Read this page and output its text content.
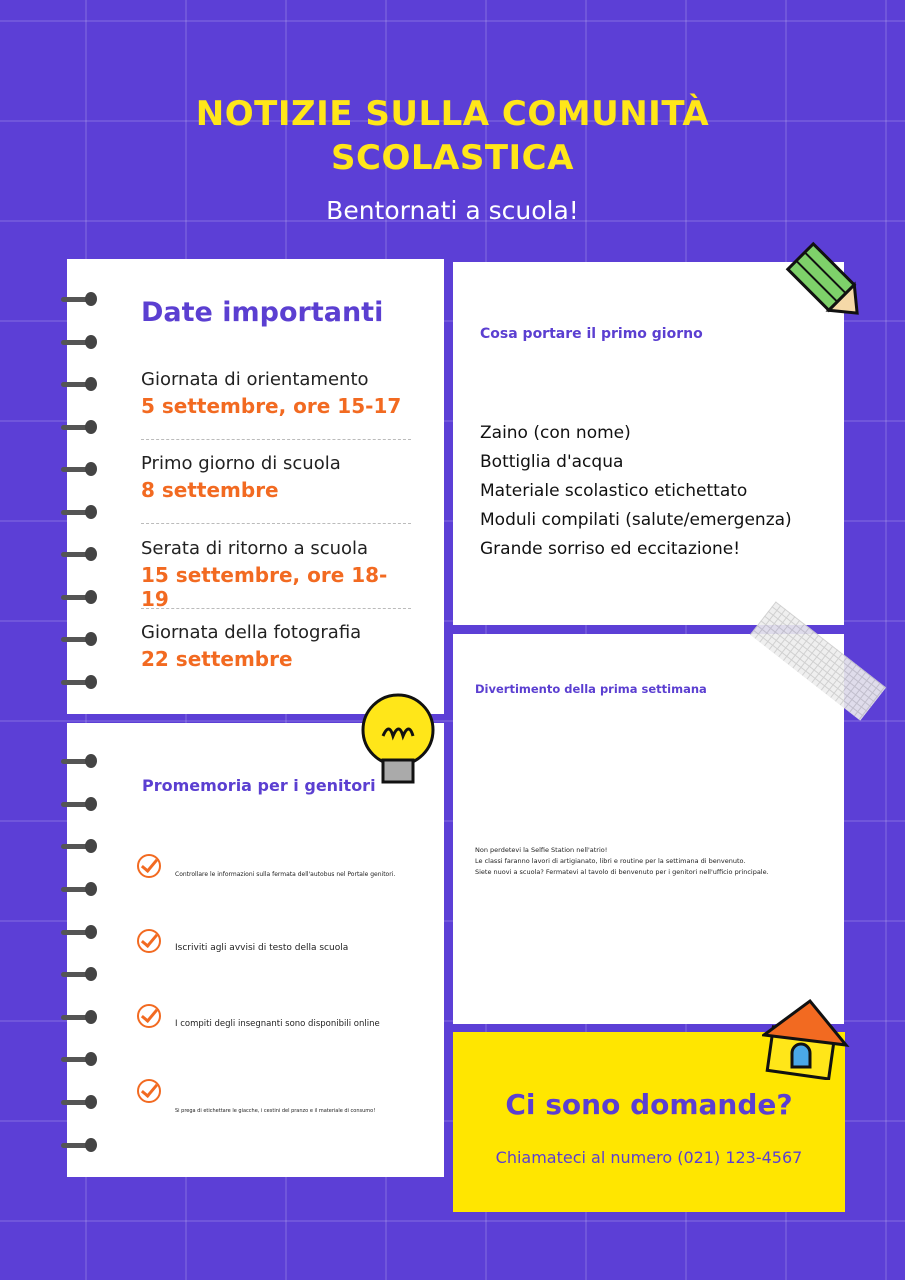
NOTIZIE SULLA COMUNITÀ SCOLASTICA
Bentornati a scuola!
Date importanti
Giornata di orientamento
5 settembre, ore 15-17
Primo giorno di scuola
8 settembre
Serata di ritorno a scuola
15 settembre, ore 18-19
Giornata della fotografia
22 settembre
Promemoria per i genitori
Controllare le informazioni sulla fermata dell'autobus nel Portale genitori.
Iscriviti agli avvisi di testo della scuola
I compiti degli insegnanti sono disponibili online
Si prega di etichettare le giacche, i cestini del pranzo e il materiale di consumo!
Cosa portare il primo giorno
Zaino (con nome)
Bottiglia d'acqua
Materiale scolastico etichettato
Moduli compilati (salute/emergenza)
Grande sorriso ed eccitazione!
Divertimento della prima settimana
Non perdetevi la Selfie Station nell'atrio!
Le classi faranno lavori di artigianato, libri e routine per la settimana di benvenuto.
Siete nuovi a scuola? Fermatevi al tavolo di benvenuto per i genitori nell'ufficio principale.
Ci sono domande?
Chiamateci al numero (021) 123-4567
